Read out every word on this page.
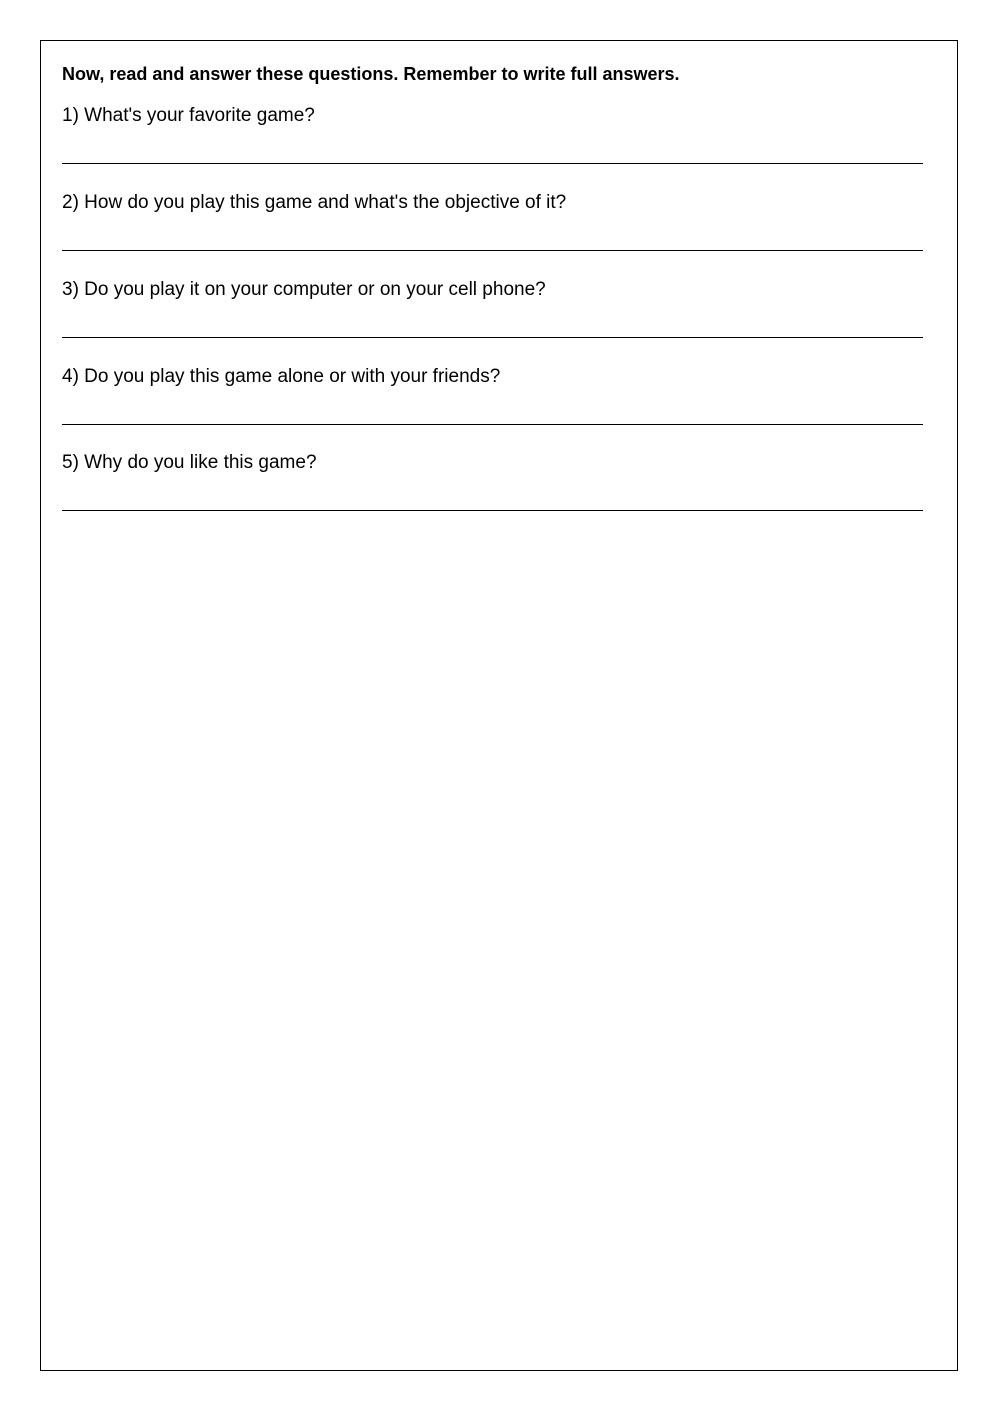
Now, read and answer these questions. Remember to write full answers.
1) What's your favorite game?
2) How do you play this game and what's the objective of it?
3) Do you play it on your computer or on your cell phone?
4) Do you play this game alone or with your friends?
5) Why do you like this game?
